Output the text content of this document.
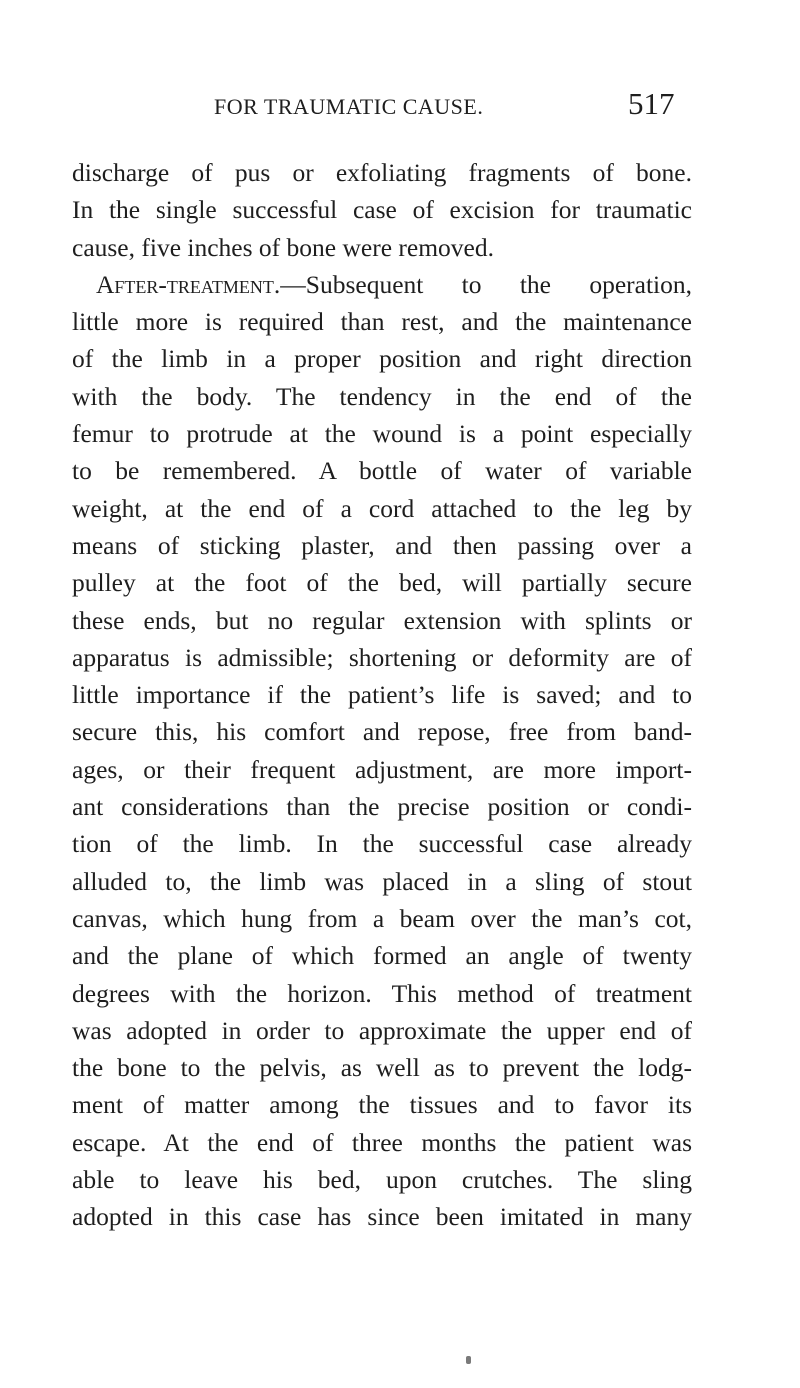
FOR TRAUMATIC CAUSE.	517
discharge of pus or exfoliating fragments of bone.
In the single successful case of excision for traumatic
cause, five inches of bone were removed.
After-treatment.—Subsequent to the operation,
little more is required than rest, and the maintenance
of the limb in a proper position and right direction
with the body. The tendency in the end of the
femur to protrude at the wound is a point especially
to be remembered. A bottle of water of variable
weight, at the end of a cord attached to the leg by
means of sticking plaster, and then passing over a
pulley at the foot of the bed, will partially secure
these ends, but no regular extension with splints or
apparatus is admissible; shortening or deformity are of
little importance if the patient’s life is saved; and to
secure this, his comfort and repose, free from band-
ages, or their frequent adjustment, are more import-
ant considerations than the precise position or condi-
tion of the limb. In the successful case already
alluded to, the limb was placed in a sling of stout
canvas, which hung from a beam over the man’s cot,
and the plane of which formed an angle of twenty
degrees with the horizon. This method of treatment
was adopted in order to approximate the upper end of
the bone to the pelvis, as well as to prevent the lodg-
ment of matter among the tissues and to favor its
escape. At the end of three months the patient was
able to leave his bed, upon crutches. The sling
adopted in this case has since been imitated in many
